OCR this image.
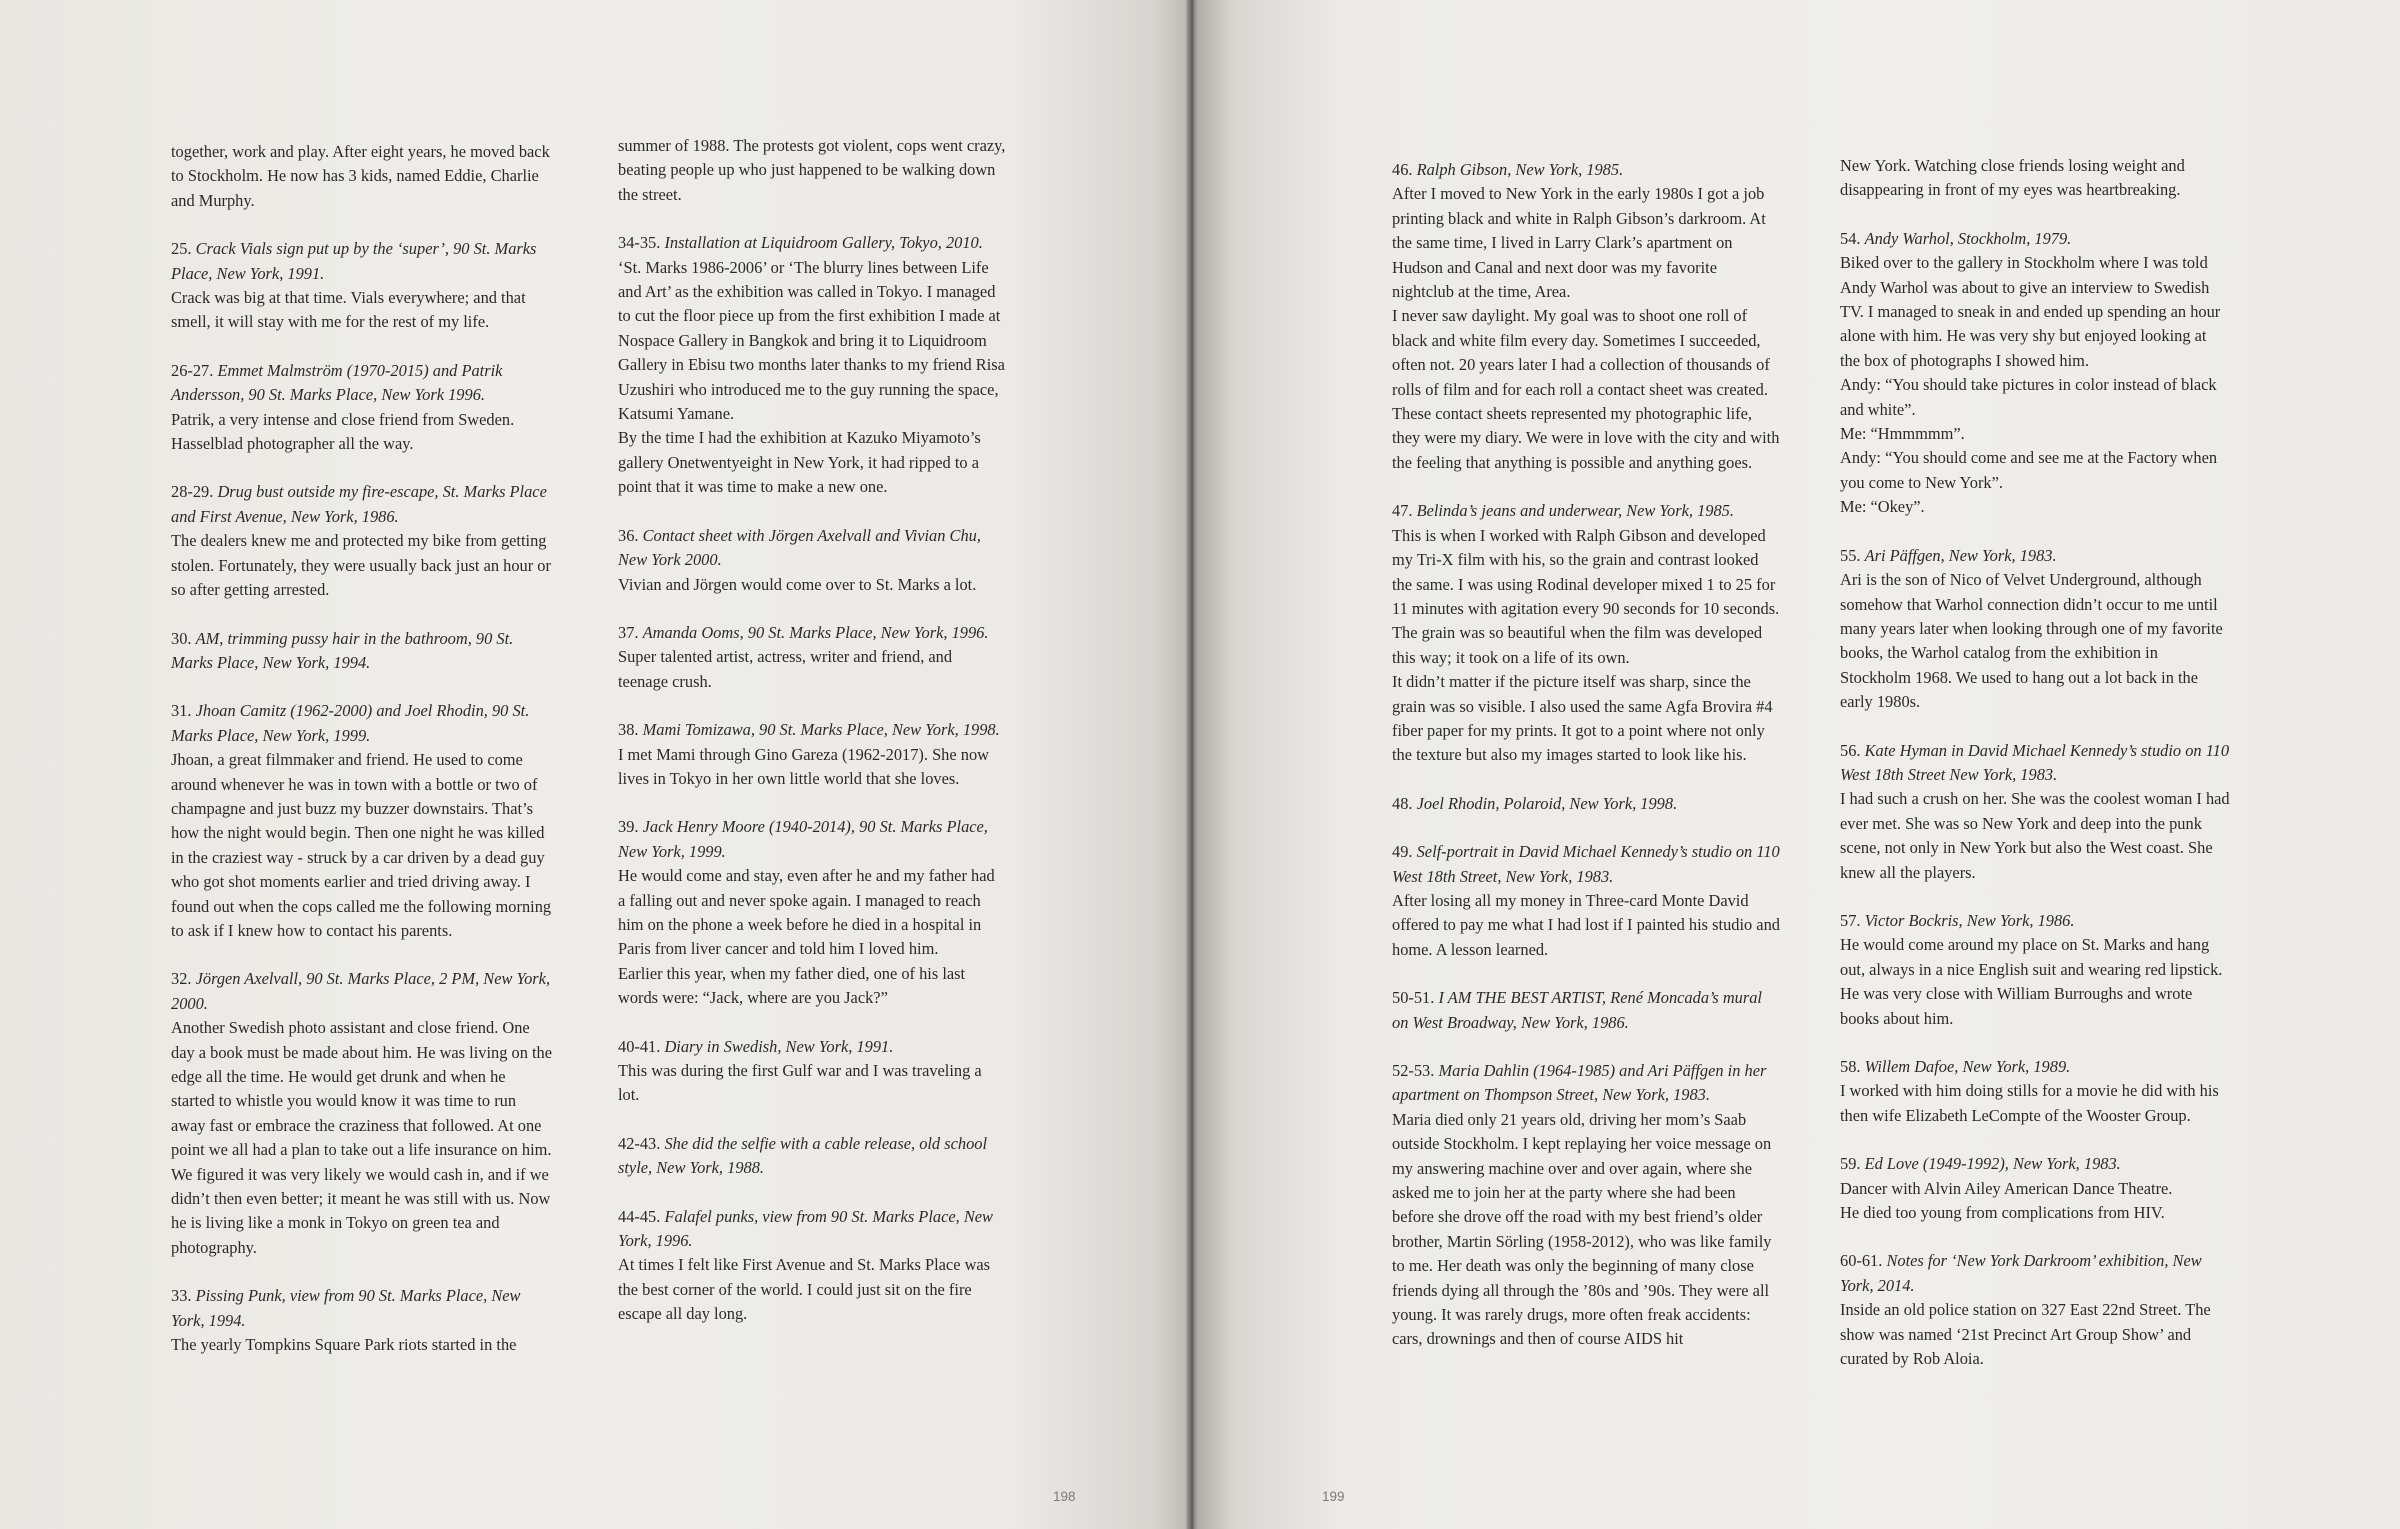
together, work and play. After eight years, he moved back to Stockholm. He now has 3 kids, named Eddie, Charlie and Murphy.
25. Crack Vials sign put up by the ‘super’, 90 St. Marks Place, New York, 1991.
Crack was big at that time. Vials everywhere; and that smell, it will stay with me for the rest of my life.
26-27. Emmet Malmström (1970-2015) and Patrik Andersson, 90 St. Marks Place, New York 1996.
Patrik, a very intense and close friend from Sweden. Hasselblad photographer all the way.
28-29. Drug bust outside my fire-escape, St. Marks Place and First Avenue, New York, 1986.
The dealers knew me and protected my bike from getting stolen. Fortunately, they were usually back just an hour or so after getting arrested.
30. AM, trimming pussy hair in the bathroom, 90 St. Marks Place, New York, 1994.
31. Jhoan Camitz (1962-2000) and Joel Rhodin, 90 St. Marks Place, New York, 1999.
Jhoan, a great filmmaker and friend. He used to come around whenever he was in town with a bottle or two of champagne and just buzz my buzzer downstairs. That’s how the night would begin. Then one night he was killed in the craziest way - struck by a car driven by a dead guy who got shot moments earlier and tried driving away. I found out when the cops called me the following morning to ask if I knew how to contact his parents.
32. Jörgen Axelvall, 90 St. Marks Place, 2 PM, New York, 2000.
Another Swedish photo assistant and close friend. One day a book must be made about him. He was living on the edge all the time. He would get drunk and when he started to whistle you would know it was time to run away fast or embrace the craziness that followed. At one point we all had a plan to take out a life insurance on him. We figured it was very likely we would cash in, and if we didn’t then even better; it meant he was still with us. Now he is living like a monk in Tokyo on green tea and photography.
33. Pissing Punk, view from 90 St. Marks Place, New York, 1994.
The yearly Tompkins Square Park riots started in the
summer of 1988. The protests got violent, cops went crazy, beating people up who just happened to be walking down the street.
34-35. Installation at Liquidroom Gallery, Tokyo, 2010.
‘St. Marks 1986-2006’ or ‘The blurry lines between Life and Art’ as the exhibition was called in Tokyo. I managed to cut the floor piece up from the first exhibition I made at Nospace Gallery in Bangkok and bring it to Liquidroom Gallery in Ebisu two months later thanks to my friend Risa Uzushiri who introduced me to the guy running the space, Katsumi Yamane.
By the time I had the exhibition at Kazuko Miyamoto’s gallery Onetwentyeight in New York, it had ripped to a point that it was time to make a new one.
36. Contact sheet with Jörgen Axelvall and Vivian Chu, New York 2000.
Vivian and Jörgen would come over to St. Marks a lot.
37. Amanda Ooms, 90 St. Marks Place, New York, 1996.
Super talented artist, actress, writer and friend, and teenage crush.
38. Mami Tomizawa, 90 St. Marks Place, New York, 1998.
I met Mami through Gino Gareza (1962-2017). She now lives in Tokyo in her own little world that she loves.
39. Jack Henry Moore (1940-2014), 90 St. Marks Place, New York, 1999.
He would come and stay, even after he and my father had a falling out and never spoke again. I managed to reach him on the phone a week before he died in a hospital in Paris from liver cancer and told him I loved him.
Earlier this year, when my father died, one of his last words were: “Jack, where are you Jack?”
40-41. Diary in Swedish, New York, 1991.
This was during the first Gulf war and I was traveling a lot.
42-43. She did the selfie with a cable release, old school style, New York, 1988.
44-45. Falafel punks, view from 90 St. Marks Place, New York, 1996.
At times I felt like First Avenue and St. Marks Place was the best corner of the world. I could just sit on the fire escape all day long.
198
46. Ralph Gibson, New York, 1985.
After I moved to New York in the early 1980s I got a job printing black and white in Ralph Gibson’s darkroom. At the same time, I lived in Larry Clark’s apartment on Hudson and Canal and next door was my favorite nightclub at the time, Area.
I never saw daylight. My goal was to shoot one roll of black and white film every day. Sometimes I succeeded, often not. 20 years later I had a collection of thousands of rolls of film and for each roll a contact sheet was created. These contact sheets represented my photographic life, they were my diary. We were in love with the city and with the feeling that anything is possible and anything goes.
47. Belinda’s jeans and underwear, New York, 1985.
This is when I worked with Ralph Gibson and developed my Tri-X film with his, so the grain and contrast looked the same. I was using Rodinal developer mixed 1 to 25 for 11 minutes with agitation every 90 seconds for 10 seconds. The grain was so beautiful when the film was developed this way; it took on a life of its own.
It didn’t matter if the picture itself was sharp, since the grain was so visible. I also used the same Agfa Brovira #4 fiber paper for my prints. It got to a point where not only the texture but also my images started to look like his.
48. Joel Rhodin, Polaroid, New York, 1998.
49. Self-portrait in David Michael Kennedy’s studio on 110 West 18th Street, New York, 1983.
After losing all my money in Three-card Monte David offered to pay me what I had lost if I painted his studio and home. A lesson learned.
50-51. I AM THE BEST ARTIST, René Moncada’s mural on West Broadway, New York, 1986.
52-53. Maria Dahlin (1964-1985) and Ari Päffgen in her apartment on Thompson Street, New York, 1983.
Maria died only 21 years old, driving her mom’s Saab outside Stockholm. I kept replaying her voice message on my answering machine over and over again, where she asked me to join her at the party where she had been before she drove off the road with my best friend’s older brother, Martin Sörling (1958-2012), who was like family to me. Her death was only the beginning of many close friends dying all through the ’80s and ’90s. They were all young. It was rarely drugs, more often freak accidents: cars, drownings and then of course AIDS hit
New York. Watching close friends losing weight and disappearing in front of my eyes was heartbreaking.
54. Andy Warhol, Stockholm, 1979.
Biked over to the gallery in Stockholm where I was told Andy Warhol was about to give an interview to Swedish TV. I managed to sneak in and ended up spending an hour alone with him. He was very shy but enjoyed looking at the box of photographs I showed him.
Andy: “You should take pictures in color instead of black and white”.
Me: “Hmmmmm”.
Andy: “You should come and see me at the Factory when you come to New York”.
Me: “Okey”.
55. Ari Päffgen, New York, 1983.
Ari is the son of Nico of Velvet Underground, although somehow that Warhol connection didn’t occur to me until many years later when looking through one of my favorite books, the Warhol catalog from the exhibition in Stockholm 1968. We used to hang out a lot back in the early 1980s.
56. Kate Hyman in David Michael Kennedy’s studio on 110 West 18th Street New York, 1983.
I had such a crush on her. She was the coolest woman I had ever met. She was so New York and deep into the punk scene, not only in New York but also the West coast. She knew all the players.
57. Victor Bockris, New York, 1986.
He would come around my place on St. Marks and hang out, always in a nice English suit and wearing red lipstick. He was very close with William Burroughs and wrote books about him.
58. Willem Dafoe, New York, 1989.
I worked with him doing stills for a movie he did with his then wife Elizabeth LeCompte of the Wooster Group.
59. Ed Love (1949-1992), New York, 1983.
Dancer with Alvin Ailey American Dance Theatre.
He died too young from complications from HIV.
60-61. Notes for ‘New York Darkroom’ exhibition, New York, 2014.
Inside an old police station on 327 East 22nd Street. The show was named ‘21st Precinct Art Group Show’ and curated by Rob Aloia.
199
